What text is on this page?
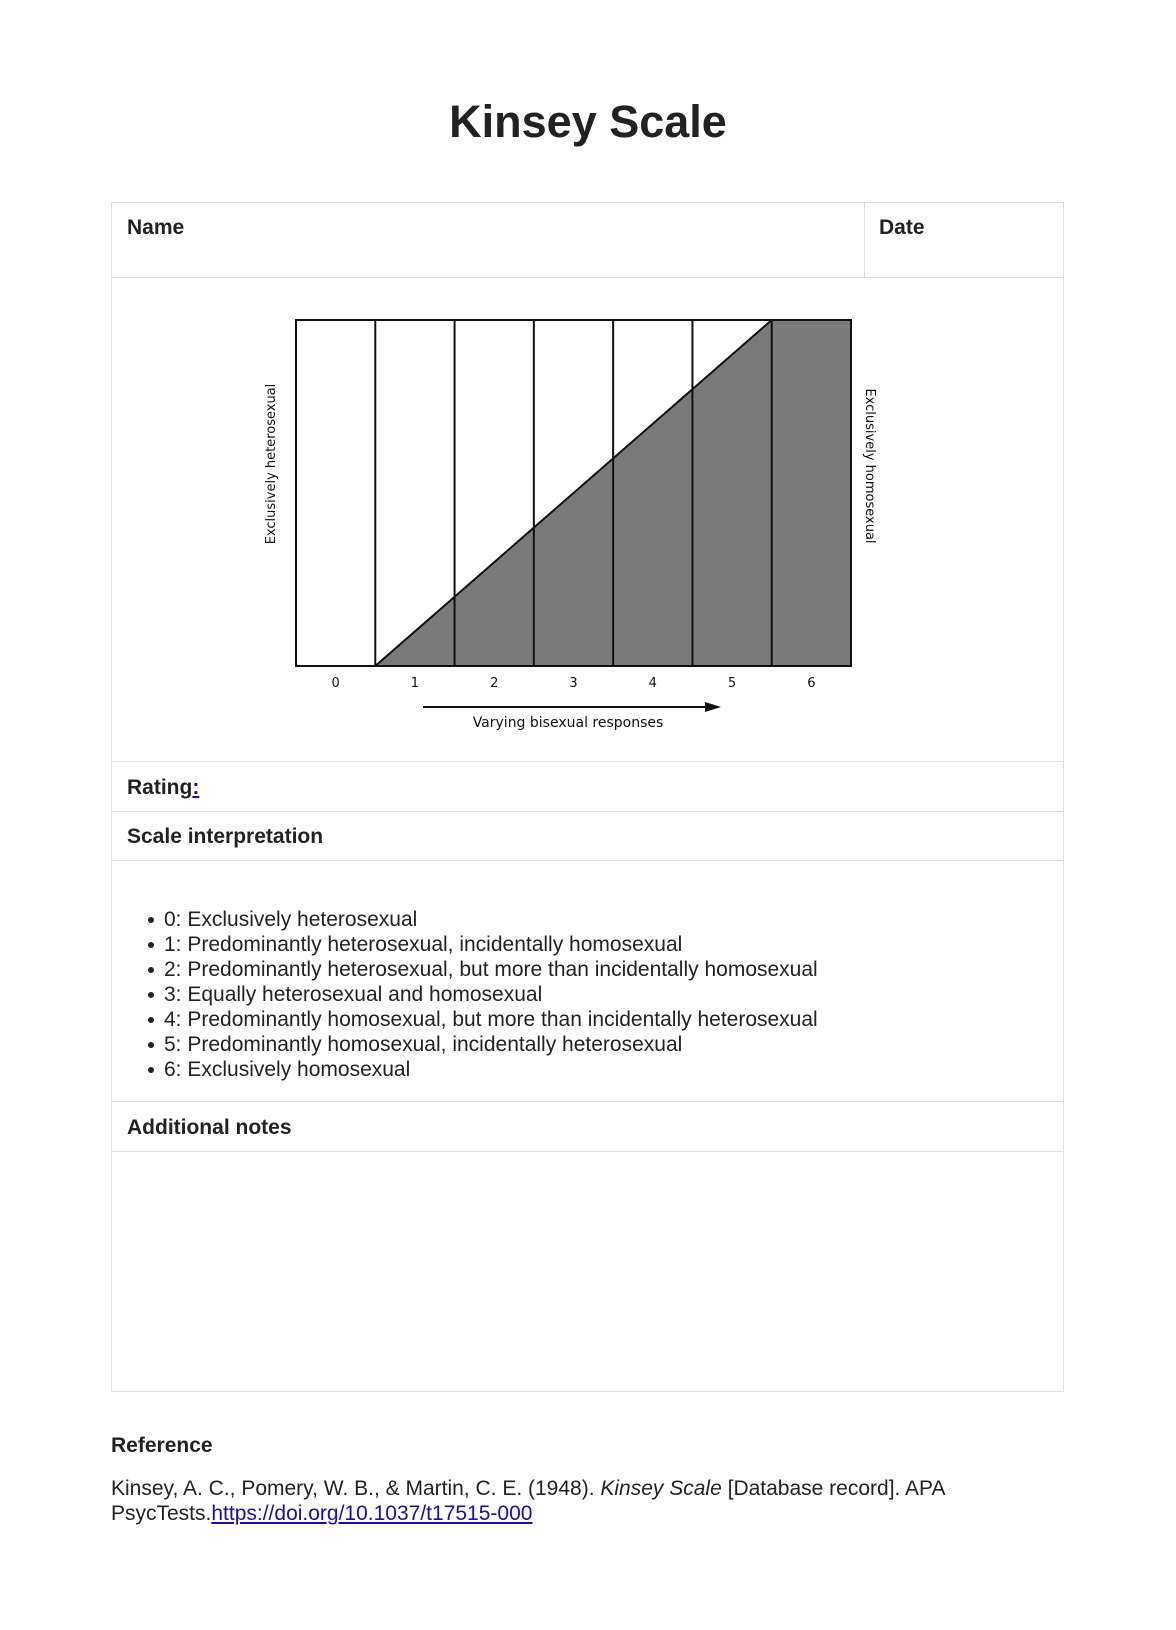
Kinsey Scale
Name	Date
0	1	2	3	4	5	6
Varying bisexual responses
Exclusively heterosexual	Exclusively homosexual
Rating:
Scale interpretation
0: Exclusively heterosexual
1: Predominantly heterosexual, incidentally homosexual
2: Predominantly heterosexual, but more than incidentally homosexual
3: Equally heterosexual and homosexual
4: Predominantly homosexual, but more than incidentally heterosexual
5: Predominantly homosexual, incidentally heterosexual
6: Exclusively homosexual
Additional notes
Reference
Kinsey, A. C., Pomery, W. B., & Martin, C. E. (1948). Kinsey Scale [Database record]. APA PsycTests.https://doi.org/10.1037/t17515-000
